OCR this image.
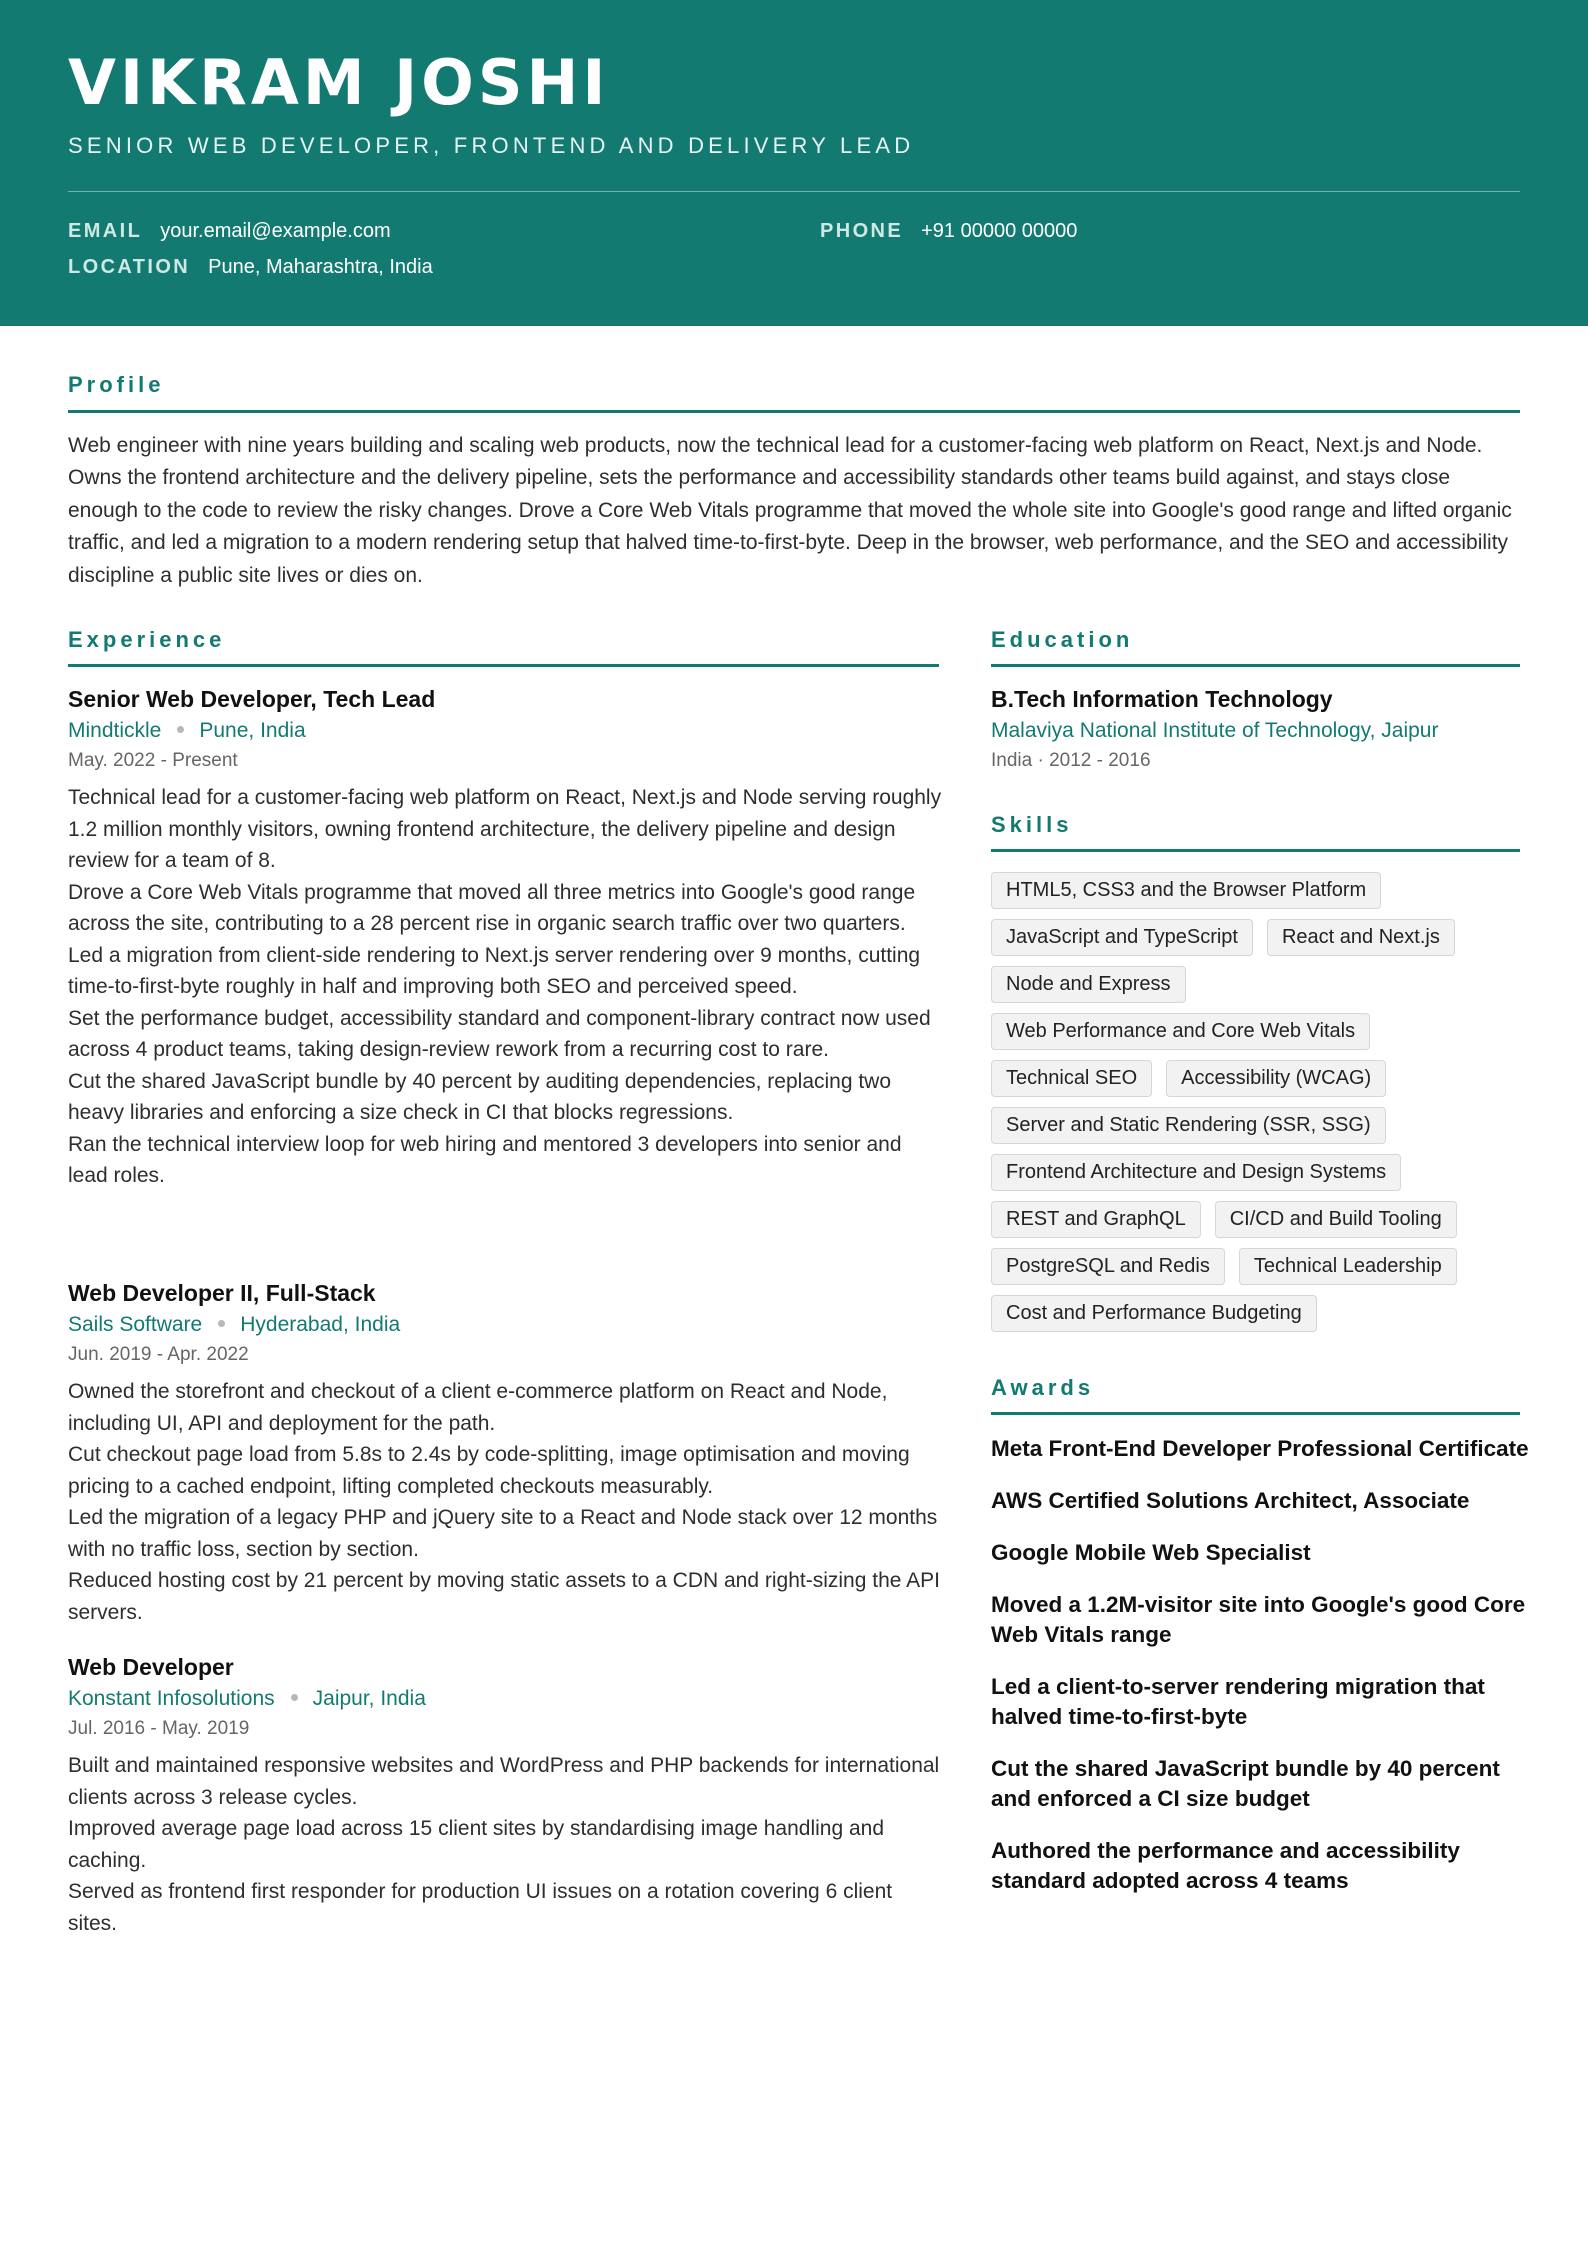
VIKRAM JOSHI
SENIOR WEB DEVELOPER, FRONTEND AND DELIVERY LEAD
EMAIL your.email@example.com	PHONE +91 00000 00000
LOCATION Pune, Maharashtra, India
Profile
Web engineer with nine years building and scaling web products, now the technical lead for a customer-facing web platform on React, Next.js and Node. Owns the frontend architecture and the delivery pipeline, sets the performance and accessibility standards other teams build against, and stays close enough to the code to review the risky changes. Drove a Core Web Vitals programme that moved the whole site into Google's good range and lifted organic traffic, and led a migration to a modern rendering setup that halved time-to-first-byte. Deep in the browser, web performance, and the SEO and accessibility discipline a public site lives or dies on.
Experience
Senior Web Developer, Tech Lead
Mindtickle Pune, India
May. 2022 - Present
Technical lead for a customer-facing web platform on React, Next.js and Node serving roughly 1.2 million monthly visitors, owning frontend architecture, the delivery pipeline and design review for a team of 8.
Drove a Core Web Vitals programme that moved all three metrics into Google's good range across the site, contributing to a 28 percent rise in organic search traffic over two quarters.
Led a migration from client-side rendering to Next.js server rendering over 9 months, cutting time-to-first-byte roughly in half and improving both SEO and perceived speed.
Set the performance budget, accessibility standard and component-library contract now used across 4 product teams, taking design-review rework from a recurring cost to rare.
Cut the shared JavaScript bundle by 40 percent by auditing dependencies, replacing two heavy libraries and enforcing a size check in CI that blocks regressions.
Ran the technical interview loop for web hiring and mentored 3 developers into senior and lead roles.
Web Developer II, Full-Stack
Sails Software Hyderabad, India
Jun. 2019 - Apr. 2022
Owned the storefront and checkout of a client e-commerce platform on React and Node, including UI, API and deployment for the path.
Cut checkout page load from 5.8s to 2.4s by code-splitting, image optimisation and moving pricing to a cached endpoint, lifting completed checkouts measurably.
Led the migration of a legacy PHP and jQuery site to a React and Node stack over 12 months with no traffic loss, section by section.
Reduced hosting cost by 21 percent by moving static assets to a CDN and right-sizing the API servers.
Web Developer
Konstant Infosolutions Jaipur, India
Jul. 2016 - May. 2019
Built and maintained responsive websites and WordPress and PHP backends for international clients across 3 release cycles.
Improved average page load across 15 client sites by standardising image handling and caching.
Served as frontend first responder for production UI issues on a rotation covering 6 client sites.
Education
B.Tech Information Technology
Malaviya National Institute of Technology, Jaipur
India · 2012 - 2016
Skills
HTML5, CSS3 and the Browser Platform
JavaScript and TypeScript	React and Next.js
Node and Express
Web Performance and Core Web Vitals
Technical SEO	Accessibility (WCAG)
Server and Static Rendering (SSR, SSG)
Frontend Architecture and Design Systems
REST and GraphQL	CI/CD and Build Tooling
PostgreSQL and Redis	Technical Leadership
Cost and Performance Budgeting
Awards
Meta Front-End Developer Professional Certificate
AWS Certified Solutions Architect, Associate
Google Mobile Web Specialist
Moved a 1.2M-visitor site into Google's good Core Web Vitals range
Led a client-to-server rendering migration that halved time-to-first-byte
Cut the shared JavaScript bundle by 40 percent and enforced a CI size budget
Authored the performance and accessibility standard adopted across 4 teams
